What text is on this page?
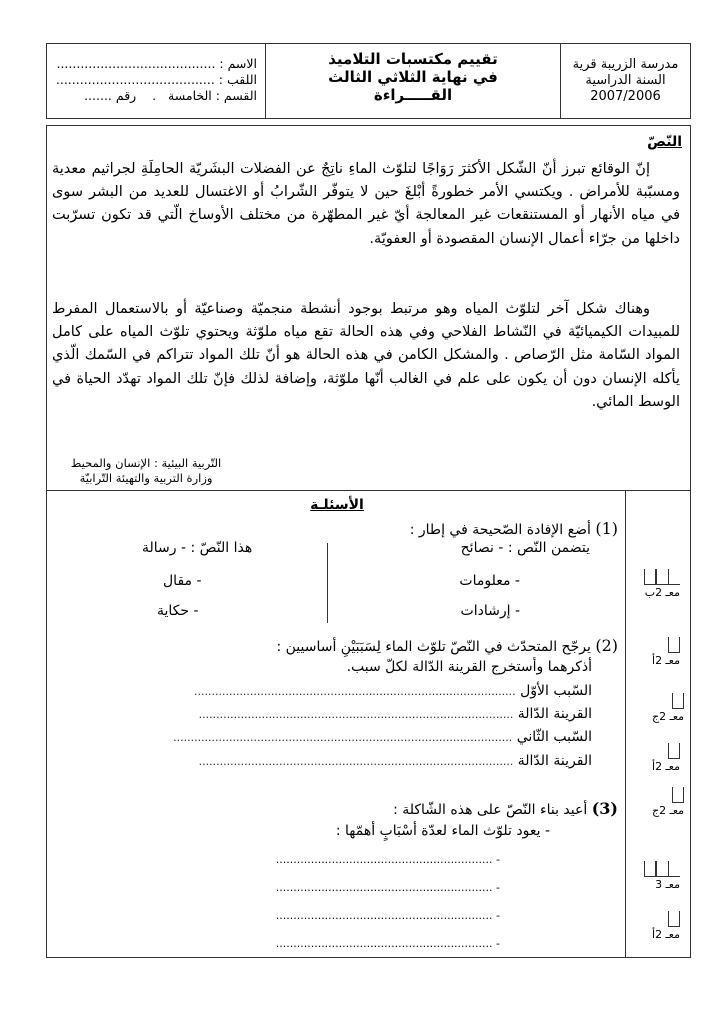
مدرسة الزريبة قرية
السنة الدراسية
2007/2006
تقييم مكتسبات التلاميذ
في نهاية الثلاثي الثالث
القـــــراءة
الاسم : ........................................
اللقب : ........................................
القسم : الخامسة   .    رقم .......
النّصّ
إنّ الوقائع تبرز أنّ الشّكل الأكثرَ رَوَاجًا لتلوّث الماءِ ناتِجٌ عن الفضلات البشَريّة الحامِلَةِ لجراثيم معدية ومسبّبة للأمراض . ويكتسي الأمر خطورةً أبْلغَ حين لا يتوفّر الشّرابُ أو الاغتسال للعديد من البشر سوى في مياه الأنهار أو المستنقعات غير المعالجة أيّ غير المطهّرة من مختلف الأوساخ الّتي قد تكون تسرّبت داخلها من جرّاء أعمال الإنسان المقصودة أو العفويّة.
وهناك شكل آخر لتلوّث المياه وهو مرتبط بوجود أنشطة منجميّة وصناعيّة أو بالاستعمال المفرط للمبيدات الكيميائيّة في النّشاط الفلاحي وفي هذه الحالة تقع مياه ملوّثة ويحتوي تلوّث المياه على كامل المواد السّامة مثل الرّصاص . والمشكل الكامن في هذه الحالة هو أنّ تلك المواد تتراكم في السّمك الّذي يأكله الإنسان دون أن يكون على علم في الغالب أنّها ملوّثة، وإضافة لذلك فإنّ تلك المواد تهدّد الحياة في الوسط المائي.
التّربية البيئية : الإنسان والمحيط
وزارة التربية والتهيئة التّرابيّة
الأسئلـة
(1) أضع الإفادة الصّحيحة في إطار :
يتضمن النّص : - نصائح
- معلومات
- إرشادات
هذا النّصّ : - رسالة
- مقال
- حكاية
(2) يرجّح المتحدّث في النّصّ تلوّث الماء لِسَبَبَيْنِ أساسيين :
أذكرهما وأستخرج القرينة الدّالة لكلّ سبب.
السّبب الأوّل ............................................................................................
القرينة الدّالة ..........................................................................................
السّبب الثّاني .................................................................................................
القرينة الدّالة ..........................................................................................
(3) أعيد بناء النّصّ على هذه الشّاكلة :
- يعود تلوّث الماء لعدّة أسْبَابٍ أهمّها :
- ..............................................................
- ..............................................................
- ..............................................................
- ..............................................................
معـ 2ب
معـ 2أ
معـ 2ج
معـ 2أ
معـ 2ج
معـ 3
معـ 2أ
